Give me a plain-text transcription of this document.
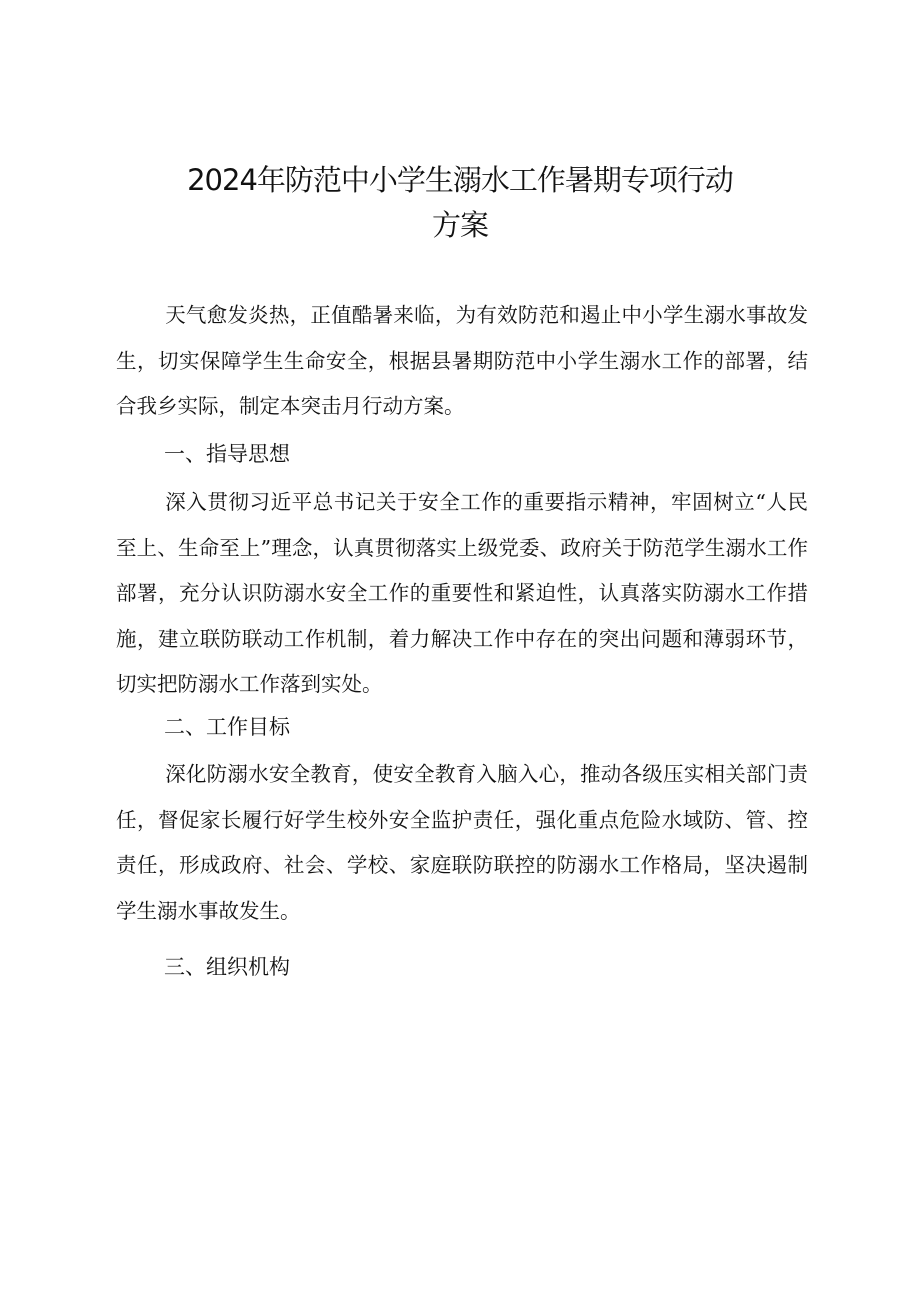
2024年防范中小学生溺水工作暑期专项行动
方案

天气愈发炎热，正值酷暑来临，为有效防范和遏止中小学生溺水事故发生，切实保障学生生命安全，根据县暑期防范中小学生溺水工作的部署，结合我乡实际，制定本突击月行动方案。

一、指导思想

深入贯彻习近平总书记关于安全工作的重要指示精神，牢固树立“人民至上、生命至上”理念，认真贯彻落实上级党委、政府关于防范学生溺水工作部署，充分认识防溺水安全工作的重要性和紧迫性，认真落实防溺水工作措施，建立联防联动工作机制，着力解决工作中存在的突出问题和薄弱环节，切实把防溺水工作落到实处。

二、工作目标

深化防溺水安全教育，使安全教育入脑入心，推动各级压实相关部门责任，督促家长履行好学生校外安全监护责任，强化重点危险水域防、管、控责任，形成政府、社会、学校、家庭联防联控的防溺水工作格局，坚决遏制学生溺水事故发生。

三、组织机构
